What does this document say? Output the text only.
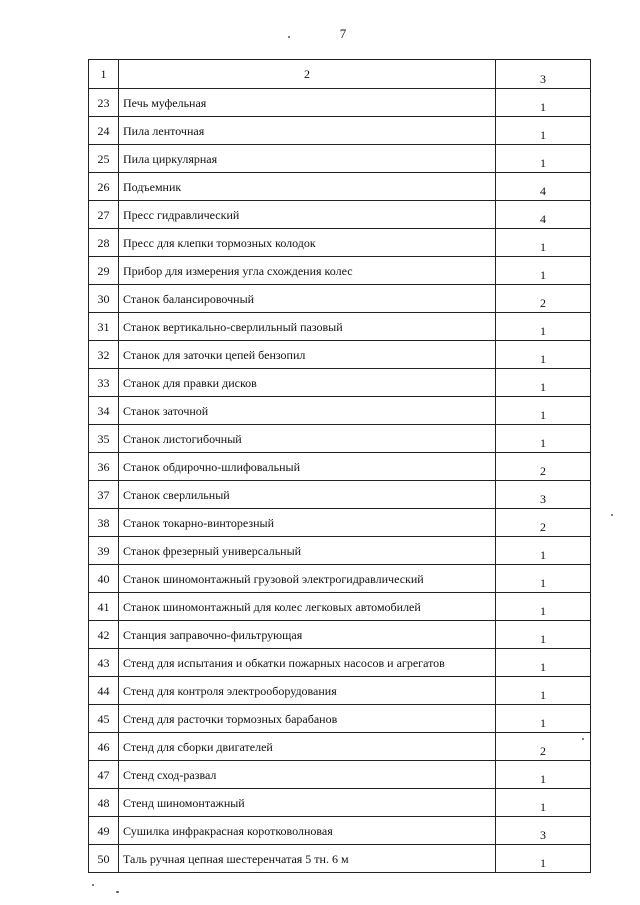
7
1	2	3
23	Печь муфельная	1
24	Пила ленточная	1
25	Пила циркулярная	1
26	Подъемник	4
27	Пресс гидравлический	4
28	Пресс для клепки тормозных колодок	1
29	Прибор для измерения угла схождения колес	1
30	Станок балансировочный	2
31	Станок вертикально-сверлильный пазовый	1
32	Станок для заточки цепей бензопил	1
33	Станок для правки дисков	1
34	Станок заточной	1
35	Станок листогибочный	1
36	Станок обдирочно-шлифовальный	2
37	Станок сверлильный	3
38	Станок токарно-винторезный	2
39	Станок фрезерный универсальный	1
40	Станок шиномонтажный грузовой электрогидравлический	1
41	Станок шиномонтажный для колес легковых автомобилей	1
42	Станция заправочно-фильтрующая	1
43	Стенд для испытания и обкатки пожарных насосов и агрегатов	1
44	Стенд для контроля электрооборудования	1
45	Стенд для расточки тормозных барабанов	1
46	Стенд для сборки двигателей	2
47	Стенд сход-развал	1
48	Стенд шиномонтажный	1
49	Сушилка инфракрасная коротковолновая	3
50	Таль ручная цепная шестеренчатая 5 тн. 6 м	1
